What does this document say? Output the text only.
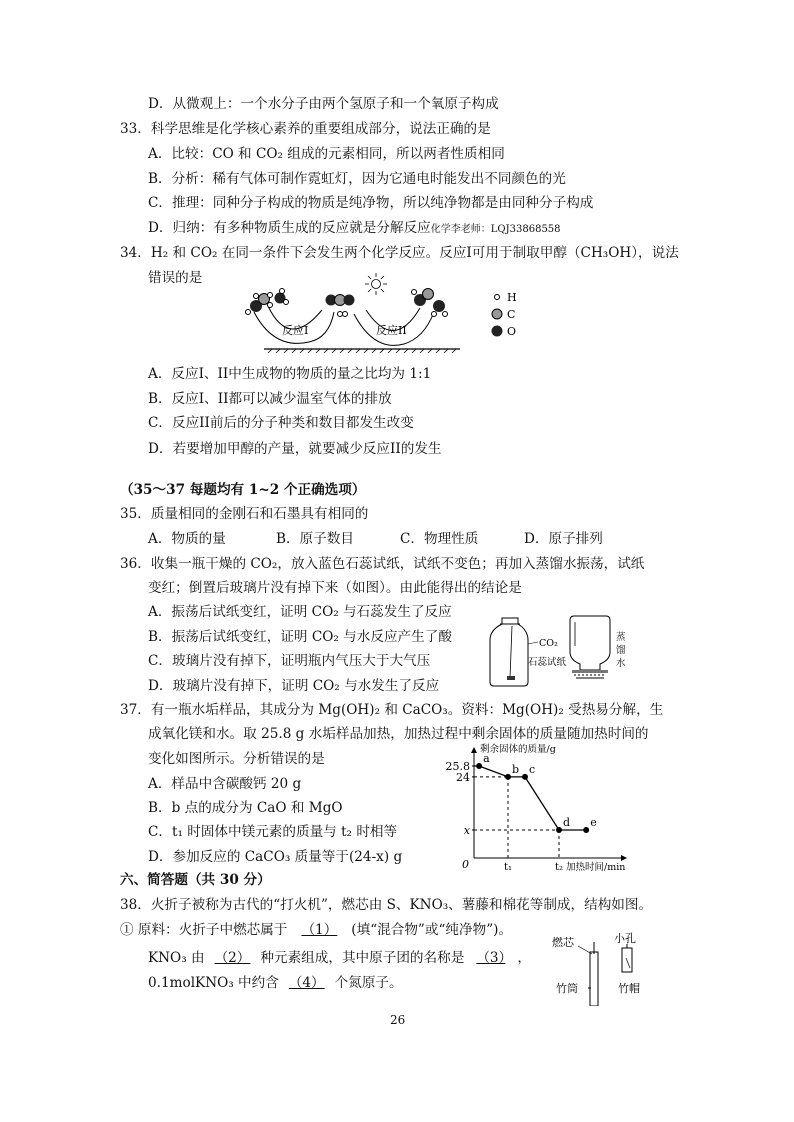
D．从微观上：一个水分子由两个氢原子和一个氧原子构成
33．科学思维是化学核心素养的重要组成部分，说法正确的是
A．比较：CO 和 CO₂ 组成的元素相同，所以两者性质相同
B．分析：稀有气体可制作霓虹灯，因为它通电时能发出不同颜色的光
C．推理：同种分子构成的物质是纯净物，所以纯净物都是由同种分子构成
D．归纳：有多种物质生成的反应就是分解反应化学李老师：LQJ33868558
34．H₂ 和 CO₂ 在同一条件下会发生两个化学反应。反应I可用于制取甲醇（CH₃OH），说法
错误的是
反应I	反应II
H
C
O
A．反应I、II中生成物的物质的量之比均为 1:1
B．反应I、II都可以减少温室气体的排放
C．反应II前后的分子种类和数目都发生改变
D．若要增加甲醇的产量，就要减少反应II的发生
（35～37 每题均有 1~2 个正确选项）
35．质量相同的金刚石和石墨具有相同的
A．物质的量	B．原子数目	C．物理性质	D．原子排列
36．收集一瓶干燥的 CO₂，放入蓝色石蕊试纸，试纸不变色；再加入蒸馏水振荡，试纸
变红；倒置后玻璃片没有掉下来（如图）。由此能得出的结论是
A．振荡后试纸变红，证明 CO₂ 与石蕊发生了反应
B．振荡后试纸变红，证明 CO₂ 与水反应产生了酸
C．玻璃片没有掉下，证明瓶内气压大于大气压
D．玻璃片没有掉下，证明 CO₂ 与水发生了反应
CO₂
石蕊试纸
蒸
馏
水
37．有一瓶水垢样品，其成分为 Mg(OH)₂ 和 CaCO₃。资料：Mg(OH)₂ 受热易分解，生
成氧化镁和水。取 25.8 g 水垢样品加热，加热过程中剩余固体的质量随加热时间的
变化如图所示。分析错误的是
A．样品中含碳酸钙 20 g
B．b 点的成分为 CaO 和 MgO
C．t₁ 时固体中镁元素的质量与 t₂ 时相等
D．参加反应的 CaCO₃ 质量等于(24-x) g
剩余固体的质量/g
加热时间/min
0
25.8
24
x
t₁	t₂
a
b c
d e
六、简答题（共 30 分）
38．火折子被称为古代的“打火机”，燃芯由 S、KNO₃、薯藤和棉花等制成，结构如图。
① 原料：火折子中燃芯属于 （1） (填“混合物”或“纯净物”)。
KNO₃ 由 （2） 种元素组成，其中原子团的名称是 （3） ，
0.1molKNO₃ 中约含 （4） 个氮原子。
燃芯	小孔
竹筒	竹帽
26
